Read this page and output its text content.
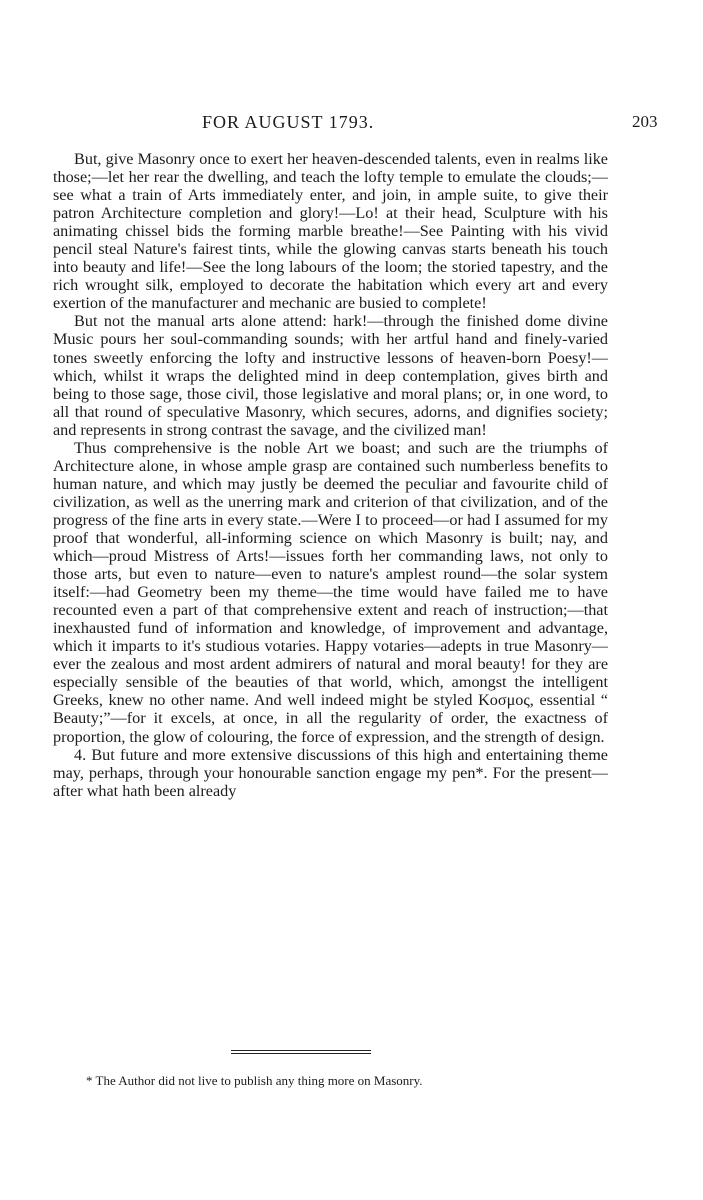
FOR AUGUST 1793.	203

But, give Masonry once to exert her heaven-descended talents, even in realms like those;—let her rear the dwelling, and teach the lofty temple to emulate the clouds;—see what a train of Arts immediately enter, and join, in ample suite, to give their patron Architecture completion and glory!—Lo! at their head, Sculpture with his animating chissel bids the forming marble breathe!—See Painting with his vivid pencil steal Nature's fairest tints, while the glowing canvas starts beneath his touch into beauty and life!—See the long labours of the loom; the storied tapestry, and the rich wrought silk, employed to decorate the habitation which every art and every exertion of the manufacturer and mechanic are busied to complete!

But not the manual arts alone attend: hark!—through the finished dome divine Music pours her soul-commanding sounds; with her artful hand and finely-varied tones sweetly enforcing the lofty and instructive lessons of heaven-born Poesy!—which, whilst it wraps the delighted mind in deep contemplation, gives birth and being to those sage, those civil, those legislative and moral plans; or, in one word, to all that round of speculative Masonry, which secures, adorns, and dignifies society; and represents in strong contrast the savage, and the civilized man!

Thus comprehensive is the noble Art we boast; and such are the triumphs of Architecture alone, in whose ample grasp are contained such numberless benefits to human nature, and which may justly be deemed the peculiar and favourite child of civilization, as well as the unerring mark and criterion of that civilization, and of the progress of the fine arts in every state.—Were I to proceed—or had I assumed for my proof that wonderful, all-informing science on which Masonry is built; nay, and which—proud Mistress of Arts!—issues forth her commanding laws, not only to those arts, but even to nature—even to nature's amplest round—the solar system itself:—had Geometry been my theme—the time would have failed me to have recounted even a part of that comprehensive extent and reach of instruction;—that inexhausted fund of information and knowledge, of improvement and advantage, which it imparts to it's studious votaries. Happy votaries—adepts in true Masonry—ever the zealous and most ardent admirers of natural and moral beauty! for they are especially sensible of the beauties of that world, which, amongst the intelligent Greeks, knew no other name. And well indeed might be styled Κοσμος, essential “ Beauty;”—for it excels, at once, in all the regularity of order, the exactness of proportion, the glow of colouring, the force of expression, and the strength of design.

4. But future and more extensive discussions of this high and entertaining theme may, perhaps, through your honourable sanction engage my pen*. For the present—after what hath been already

* The Author did not live to publish any thing more on Masonry.
